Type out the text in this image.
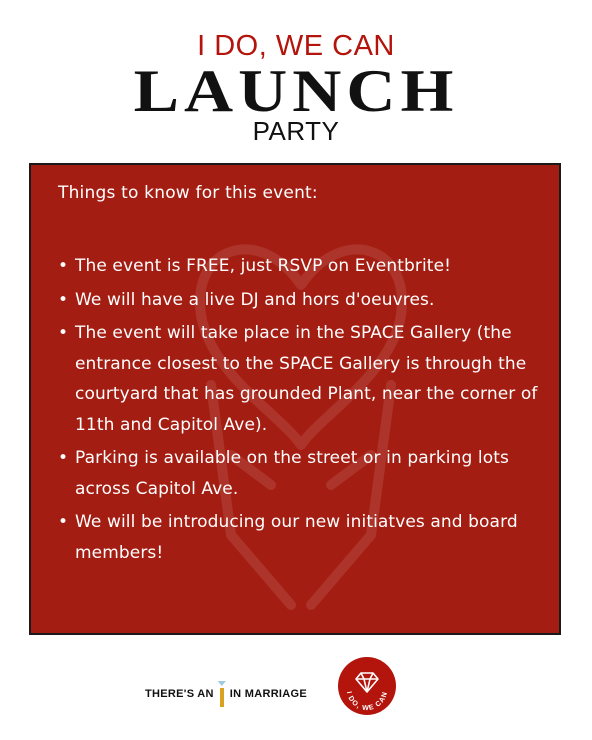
I DO, WE CAN
LAUNCH
PARTY
Things to know for this event:
• The event is FREE, just RSVP on Eventbrite!
• We will have a live DJ and hors d'oeuvres.
• The event will take place in the SPACE Gallery (the entrance closest to the SPACE Gallery is through the courtyard that has grounded Plant, near the corner of 11th and Capitol Ave).
• Parking is available on the street or in parking lots across Capitol Ave.
• We will be introducing our new initiatves and board members!
THERE'S AN IN MARRIAGE	I DO, WE CAN
